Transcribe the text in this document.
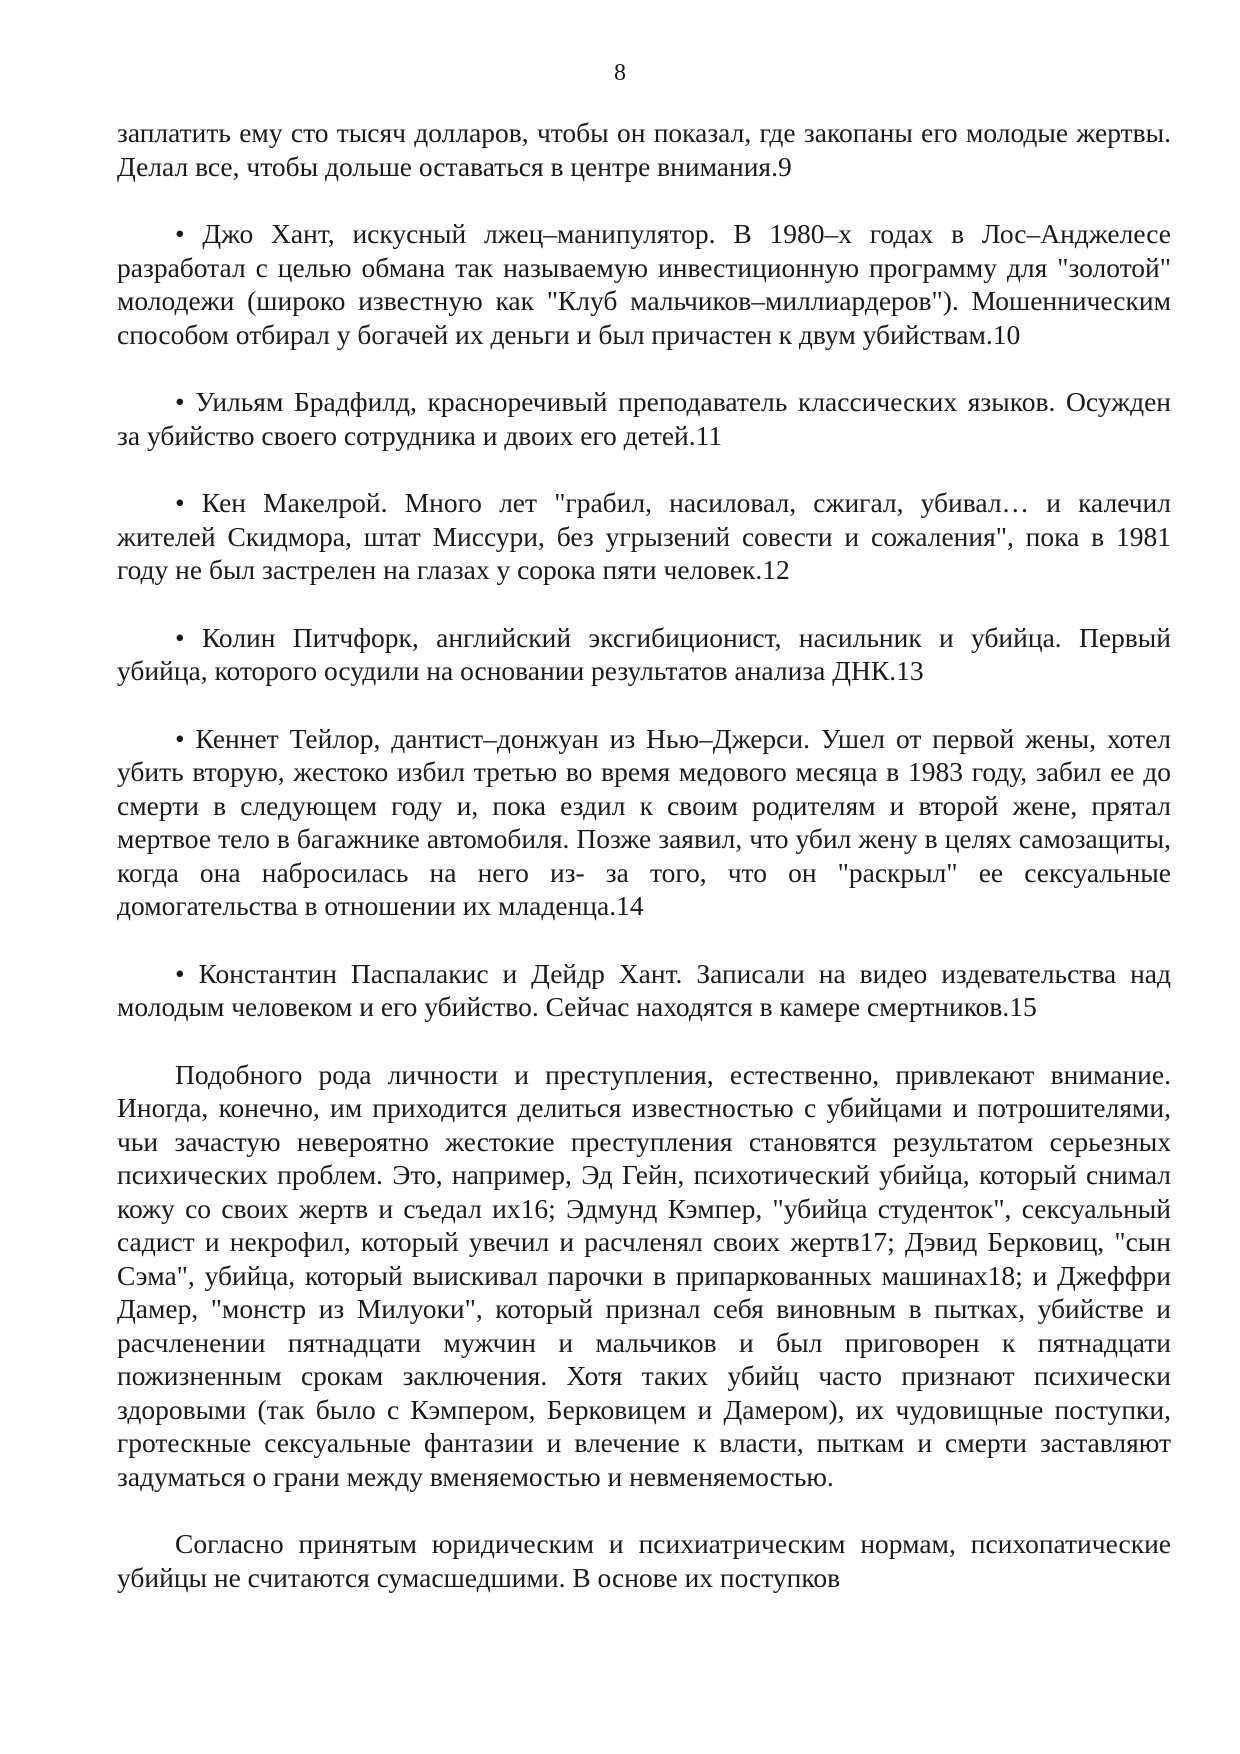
8

заплатить ему сто тысяч долларов, чтобы он показал, где закопаны его молодые жертвы. Делал все, чтобы дольше оставаться в центре внимания.9

• Джо Хант, искусный лжец–манипулятор. В 1980–х годах в Лос–Анджелесе разработал с целью обмана так называемую инвестиционную программу для "золотой" молодежи (широко известную как "Клуб мальчиков–миллиардеров"). Мошенническим способом отбирал у богачей их деньги и был причастен к двум убийствам.10

• Уильям Брадфилд, красноречивый преподаватель классических языков. Осужден за убийство своего сотрудника и двоих его детей.11

• Кен Макелрой. Много лет "грабил, насиловал, сжигал, убивал… и калечил жителей Скидмора, штат Миссури, без угрызений совести и сожаления", пока в 1981 году не был застрелен на глазах у сорока пяти человек.12

• Колин Питчфорк, английский эксгибиционист, насильник и убийца. Первый убийца, которого осудили на основании результатов анализа ДНК.13

• Кеннет Тейлор, дантист–донжуан из Нью–Джерси. Ушел от первой жены, хотел убить вторую, жестоко избил третью во время медового месяца в 1983 году, забил ее до смерти в следующем году и, пока ездил к своим родителям и второй жене, прятал мертвое тело в багажнике автомобиля. Позже заявил, что убил жену в целях самозащиты, когда она набросилась на него из‑ за того, что он "раскрыл" ее сексуальные домогательства в отношении их младенца.14

• Константин Паспалакис и Дейдр Хант. Записали на видео издевательства над молодым человеком и его убийство. Сейчас находятся в камере смертников.15

Подобного рода личности и преступления, естественно, привлекают внимание. Иногда, конечно, им приходится делиться известностью с убийцами и потрошителями, чьи зачастую невероятно жестокие преступления становятся результатом серьезных психических проблем. Это, например, Эд Гейн, психотический убийца, который снимал кожу со своих жертв и съедал их16; Эдмунд Кэмпер, "убийца студенток", сексуальный садист и некрофил, который увечил и расчленял своих жертв17; Дэвид Берковиц, "сын Сэма", убийца, который выискивал парочки в припаркованных машинах18; и Джеффри Дамер, "монстр из Милуоки", который признал себя виновным в пытках, убийстве и расчленении пятнадцати мужчин и мальчиков и был приговорен к пятнадцати пожизненным срокам заключения. Хотя таких убийц часто признают психически здоровыми (так было с Кэмпером, Берковицем и Дамером), их чудовищные поступки, гротескные сексуальные фантазии и влечение к власти, пыткам и смерти заставляют задуматься о грани между вменяемостью и невменяемостью.

Согласно принятым юридическим и психиатрическим нормам, психопатические убийцы не считаются сумасшедшими. В основе их поступков
